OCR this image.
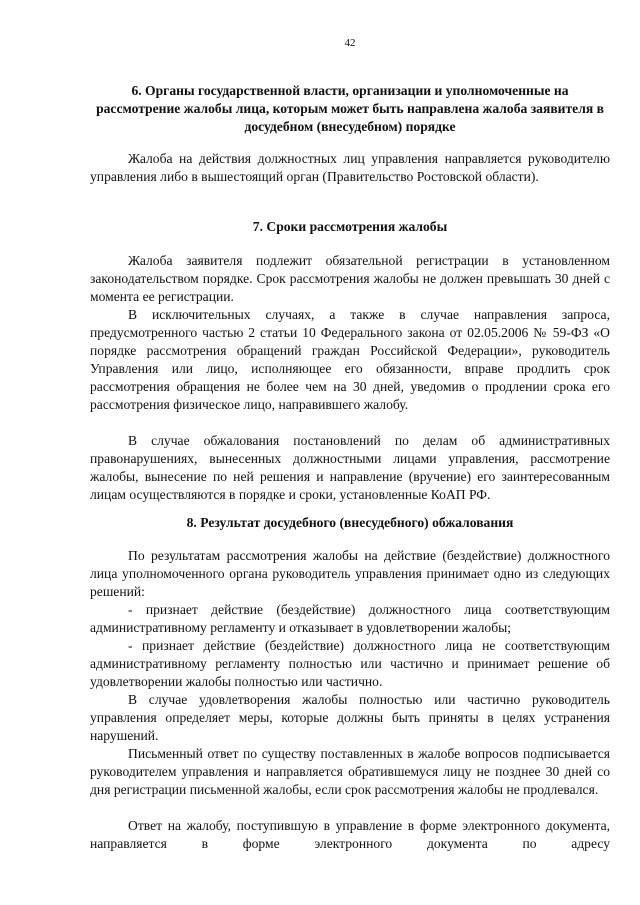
42
6. Органы государственной власти, организации и уполномоченные на рассмотрение жалобы лица, которым может быть направлена жалоба заявителя в досудебном (внесудебном) порядке

Жалоба на действия должностных лиц управления направляется руководителю управления либо в вышестоящий орган (Правительство Ростовской области).

7. Сроки рассмотрения жалобы

Жалоба заявителя подлежит обязательной регистрации в установленном законодательством порядке. Срок рассмотрения жалобы не должен превышать 30 дней с момента ее регистрации.

В исключительных случаях, а также в случае направления запроса, предусмотренного частью 2 статьи 10 Федерального закона от 02.05.2006 № 59-ФЗ «О порядке рассмотрения обращений граждан Российской Федерации», руководитель Управления или лицо, исполняющее его обязанности, вправе продлить срок рассмотрения обращения не более чем на 30 дней, уведомив о продлении срока его рассмотрения физическое лицо, направившего жалобу.

В случае обжалования постановлений по делам об административных правонарушениях, вынесенных должностными лицами управления, рассмотрение жалобы, вынесение по ней решения и направление (вручение) его заинтересованным лицам осуществляются в порядке и сроки, установленные КоАП РФ.

8. Результат досудебного (внесудебного) обжалования

По результатам рассмотрения жалобы на действие (бездействие) должностного лица уполномоченного органа руководитель управления принимает одно из следующих решений:

- признает действие (бездействие) должностного лица соответствующим административному регламенту и отказывает в удовлетворении жалобы;

- признает действие (бездействие) должностного лица не соответствующим административному регламенту полностью или частично и принимает решение об удовлетворении жалобы полностью или частично.

В случае удовлетворения жалобы полностью или частично руководитель управления определяет меры, которые должны быть приняты в целях устранения нарушений.

Письменный ответ по существу поставленных в жалобе вопросов подписывается руководителем управления и направляется обратившемуся лицу не позднее 30 дней со дня регистрации письменной жалобы, если срок рассмотрения жалобы не продлевался.

Ответ на жалобу, поступившую в управление в форме электронного документа, направляется в форме электронного документа по адресу
